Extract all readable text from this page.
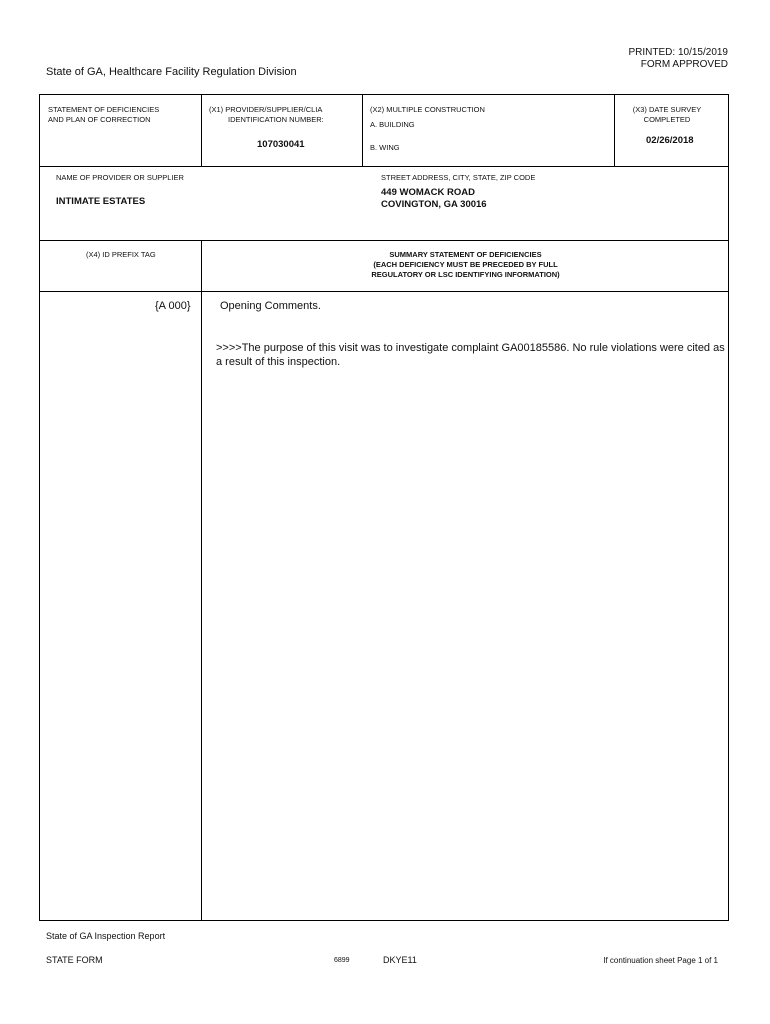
PRINTED: 10/15/2019
FORM APPROVED
State of GA, Healthcare Facility Regulation Division
STATEMENT OF DEFICIENCIES
AND PLAN OF CORRECTION
(X1) PROVIDER/SUPPLIER/CLIA
IDENTIFICATION NUMBER:
107030041
(X2) MULTIPLE CONSTRUCTION
A. BUILDING
B. WING
(X3) DATE SURVEY
COMPLETED
02/26/2018
NAME OF PROVIDER OR SUPPLIER
INTIMATE ESTATES
STREET ADDRESS, CITY, STATE, ZIP CODE
449 WOMACK ROAD
COVINGTON, GA 30016
(X4) ID PREFIX TAG	SUMMARY STATEMENT OF DEFICIENCIES
(EACH DEFICIENCY MUST BE PRECEDED BY FULL
REGULATORY OR LSC IDENTIFYING INFORMATION)
{A 000}	Opening Comments.
>>>>The purpose of this visit was to investigate complaint GA00185586. No rule violations were cited as a result of this inspection.
State of GA Inspection Report
STATE FORM	6899	DKYE11	If continuation sheet Page 1 of 1
